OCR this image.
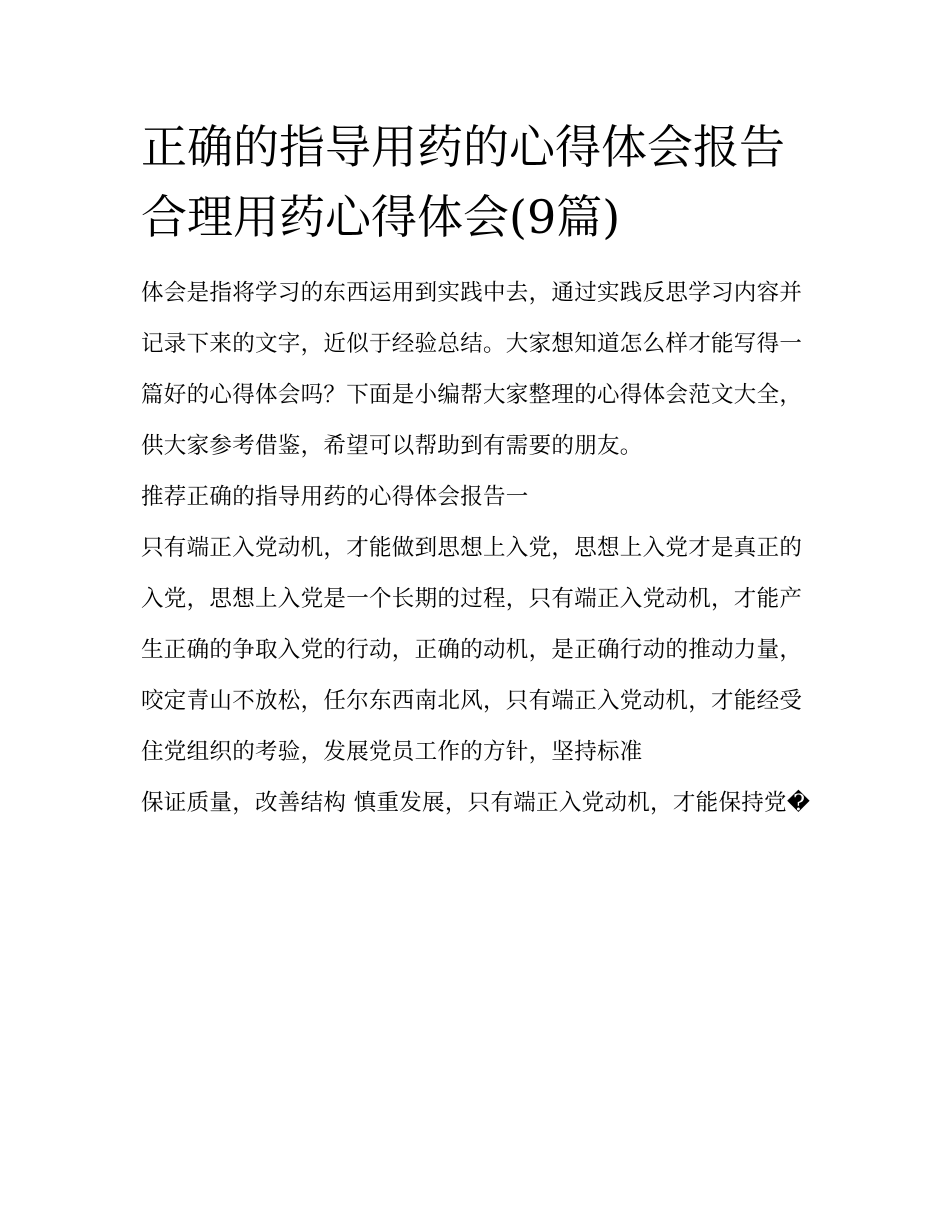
正确的指导用药的心得体会报告 合理用药心得体会(9篇)

体会是指将学习的东西运用到实践中去，通过实践反思学习内容并记录下来的文字，近似于经验总结。大家想知道怎么样才能写得一篇好的心得体会吗？下面是小编帮大家整理的心得体会范文大全，供大家参考借鉴，希望可以帮助到有需要的朋友。

推荐正确的指导用药的心得体会报告一

只有端正入党动机，才能做到思想上入党，思想上入党才是真正的入党，思想上入党是一个长期的过程，只有端正入党动机，才能产生正确的争取入党的行动，正确的动机，是正确行动的推动力量，咬定青山不放松，任尔东西南北风，只有端正入党动机，才能经受住党组织的考验，发展党员工作的方针，坚持标准

保证质量，改善结构 慎重发展，只有端正入党动机，才能保持党�
